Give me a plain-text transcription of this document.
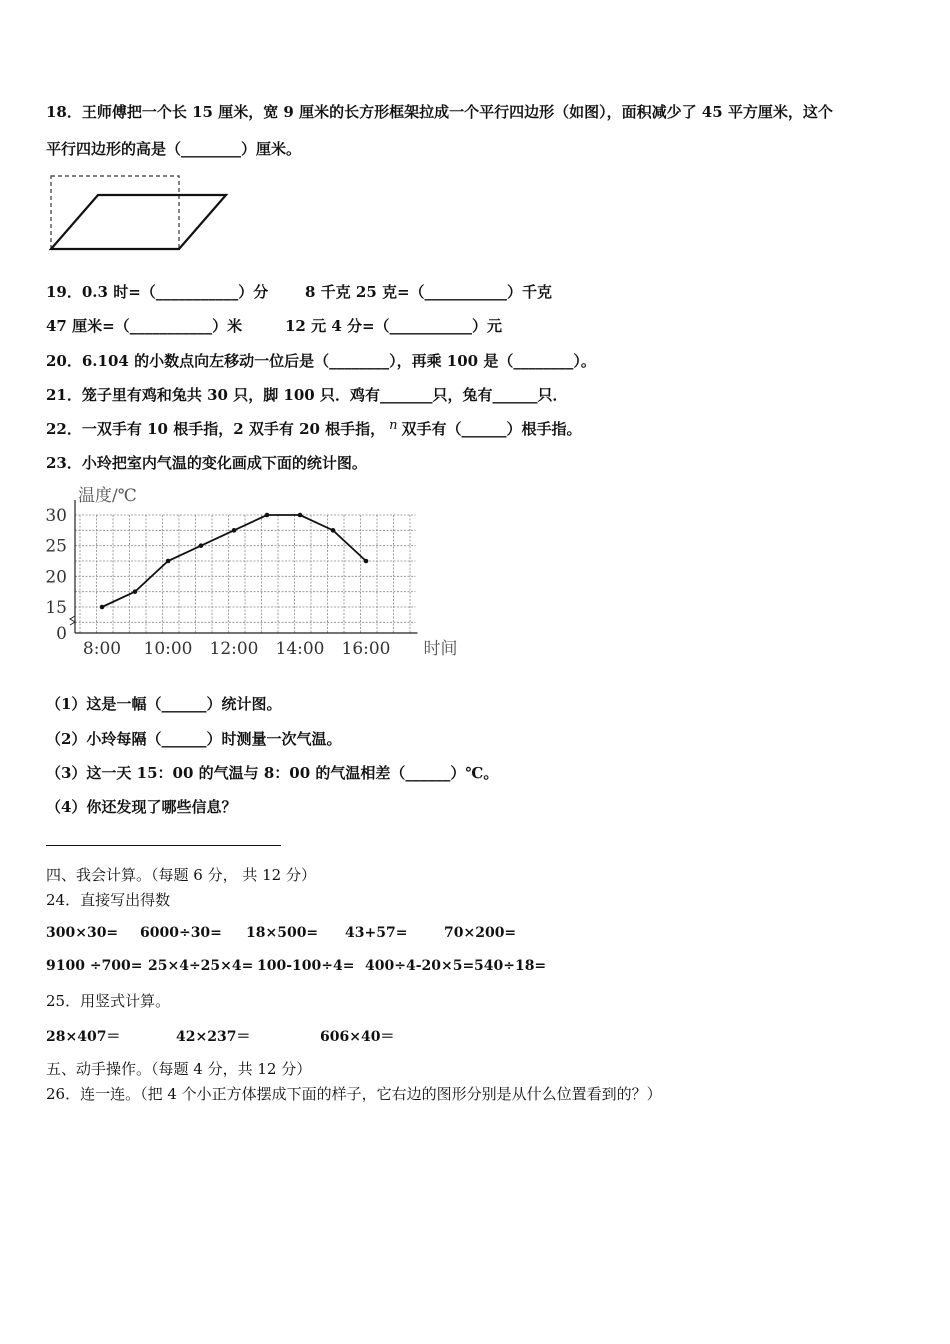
18．王师傅把一个长 15 厘米，宽 9 厘米的长方形框架拉成一个平行四边形（如图），面积减少了 45 平方厘米，这个
平行四边形的高是（________）厘米。
19．0.3 时=（___________）分 8 千克 25 克=（___________）千克
47 厘米=（___________）米	12 元 4 分=（___________）元
20．6.104 的小数点向左移动一位后是（________），再乘 100 是（________）。
21．笼子里有鸡和兔共 30 只，脚 100 只．鸡有_______只，兔有______只．
22．一双手有 10 根手指，2 双手有 20 根手指， n 双手有（______）根手指。
23．小玲把室内气温的变化画成下面的统计图。
0
15
20
25
30
8:00 10:00 12:00 14:00 16:00
温度/℃
时间
（1）这是一幅（______）统计图。
（2）小玲每隔（______）时测量一次气温。
（3）这一天 15：00 的气温与 8：00 的气温相差（______）℃。
（4）你还发现了哪些信息？
四、我会计算。（每题 6 分， 共 12 分）
24．直接写出得数
300×30= 6000÷30= 18×500= 43+57=	70×200=
9100 ÷700= 25×4÷25×4= 100-100÷4= 400÷4-20×5= 540÷18=
25．用竖式计算。
28×407＝	42×237＝	606×40＝
五、动手操作。（每题 4 分，共 12 分）
26．连一连。（把 4 个小正方体摆成下面的样子，它右边的图形分别是从什么位置看到的？）
